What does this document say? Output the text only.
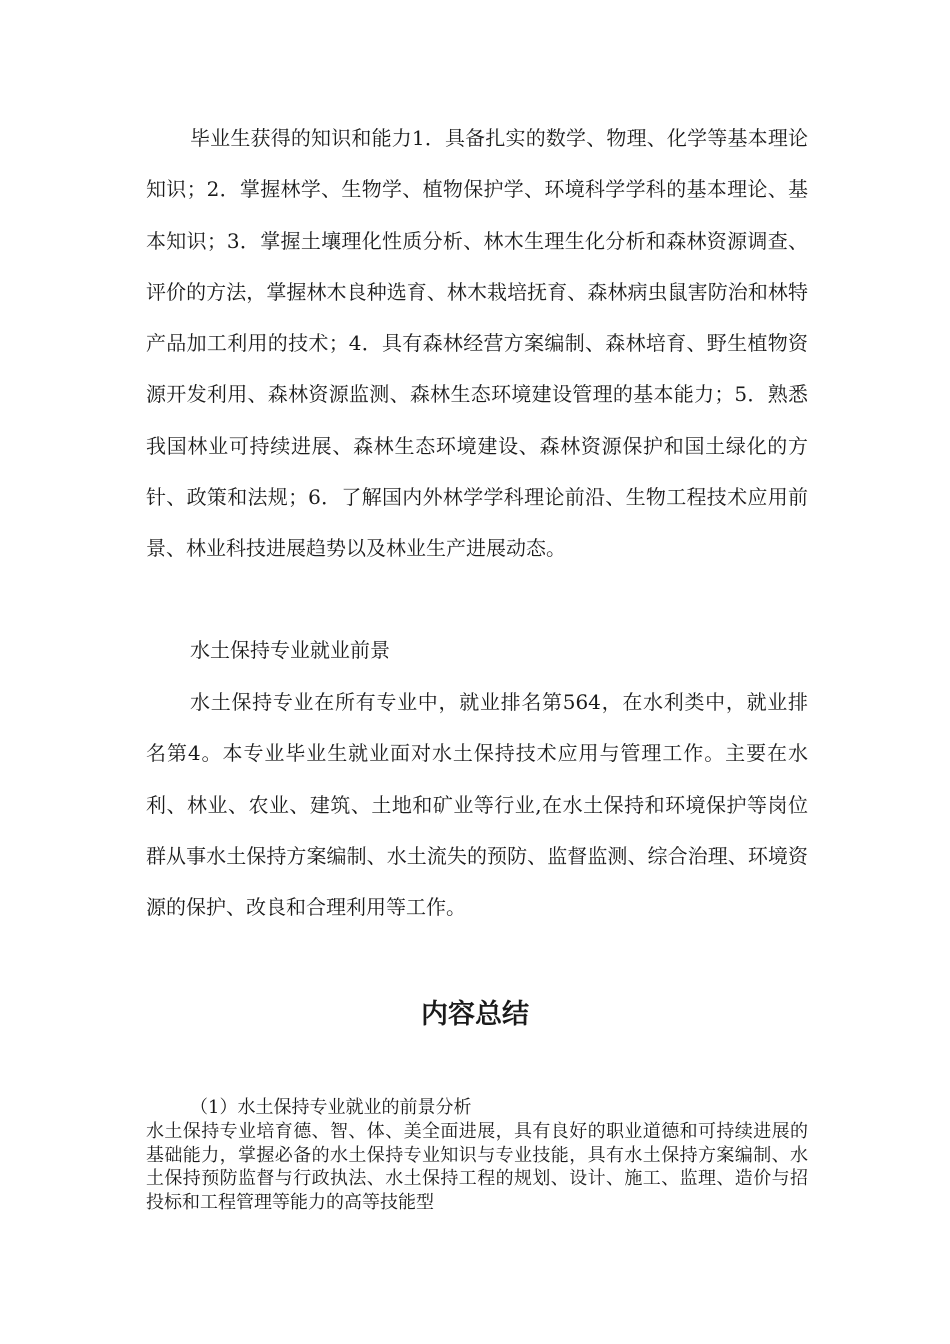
毕业生获得的知识和能力1．具备扎实的数学、物理、化学等基本理论知识；2．掌握林学、生物学、植物保护学、环境科学学科的基本理论、基本知识；3．掌握土壤理化性质分析、林木生理生化分析和森林资源调查、评价的方法，掌握林木良种选育、林木栽培抚育、森林病虫鼠害防治和林特产品加工利用的技术；4．具有森林经营方案编制、森林培育、野生植物资源开发利用、森林资源监测、森林生态环境建设管理的基本能力；5．熟悉我国林业可持续进展、森林生态环境建设、森林资源保护和国土绿化的方针、政策和法规；6．了解国内外林学学科理论前沿、生物工程技术应用前景、林业科技进展趋势以及林业生产进展动态。

水土保持专业就业前景

水土保持专业在所有专业中，就业排名第564，在水利类中，就业排名第4。本专业毕业生就业面对水土保持技术应用与管理工作。主要在水利、林业、农业、建筑、土地和矿业等行业,在水土保持和环境保护等岗位群从事水土保持方案编制、水土流失的预防、监督监测、综合治理、环境资源的保护、改良和合理利用等工作。

内容总结

（1）水土保持专业就业的前景分析

水土保持专业培育德、智、体、美全面进展，具有良好的职业道德和可持续进展的基础能力，掌握必备的水土保持专业知识与专业技能，具有水土保持方案编制、水土保持预防监督与行政执法、水土保持工程的规划、设计、施工、监理、造价与招投标和工程管理等能力的高等技能型
